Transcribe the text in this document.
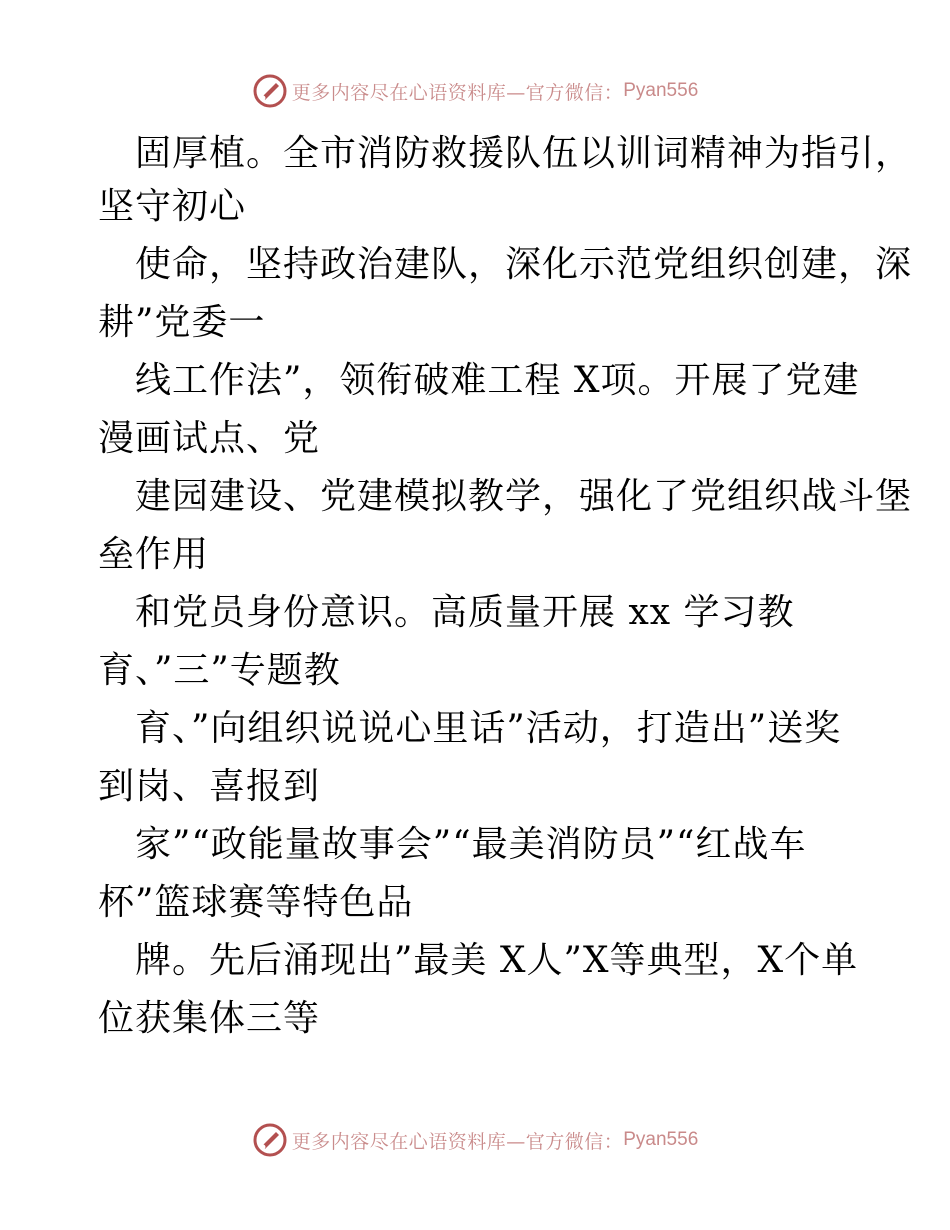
更多内容尽在心语资料库—官方微信： Pyan556
固厚植。全市消防救援队伍以训词精神为指引，
坚守初心
使命，坚持政治建队，深化示范党组织创建，深
耕”党委一
线工作法”，领衔破难工程 X项。开展了党建
漫画试点、党
建园建设、党建模拟教学，强化了党组织战斗堡
垒作用
和党员身份意识。高质量开展 xx 学习教
育、”三”专题教
育、”向组织说说心里话”活动，打造出”送奖
到岗、喜报到
家”“政能量故事会”“最美消防员”“红战车
杯”篮球赛等特色品
牌。先后涌现出”最美 X人”X等典型，X个单
位获集体三等
更多内容尽在心语资料库—官方微信： Pyan556
